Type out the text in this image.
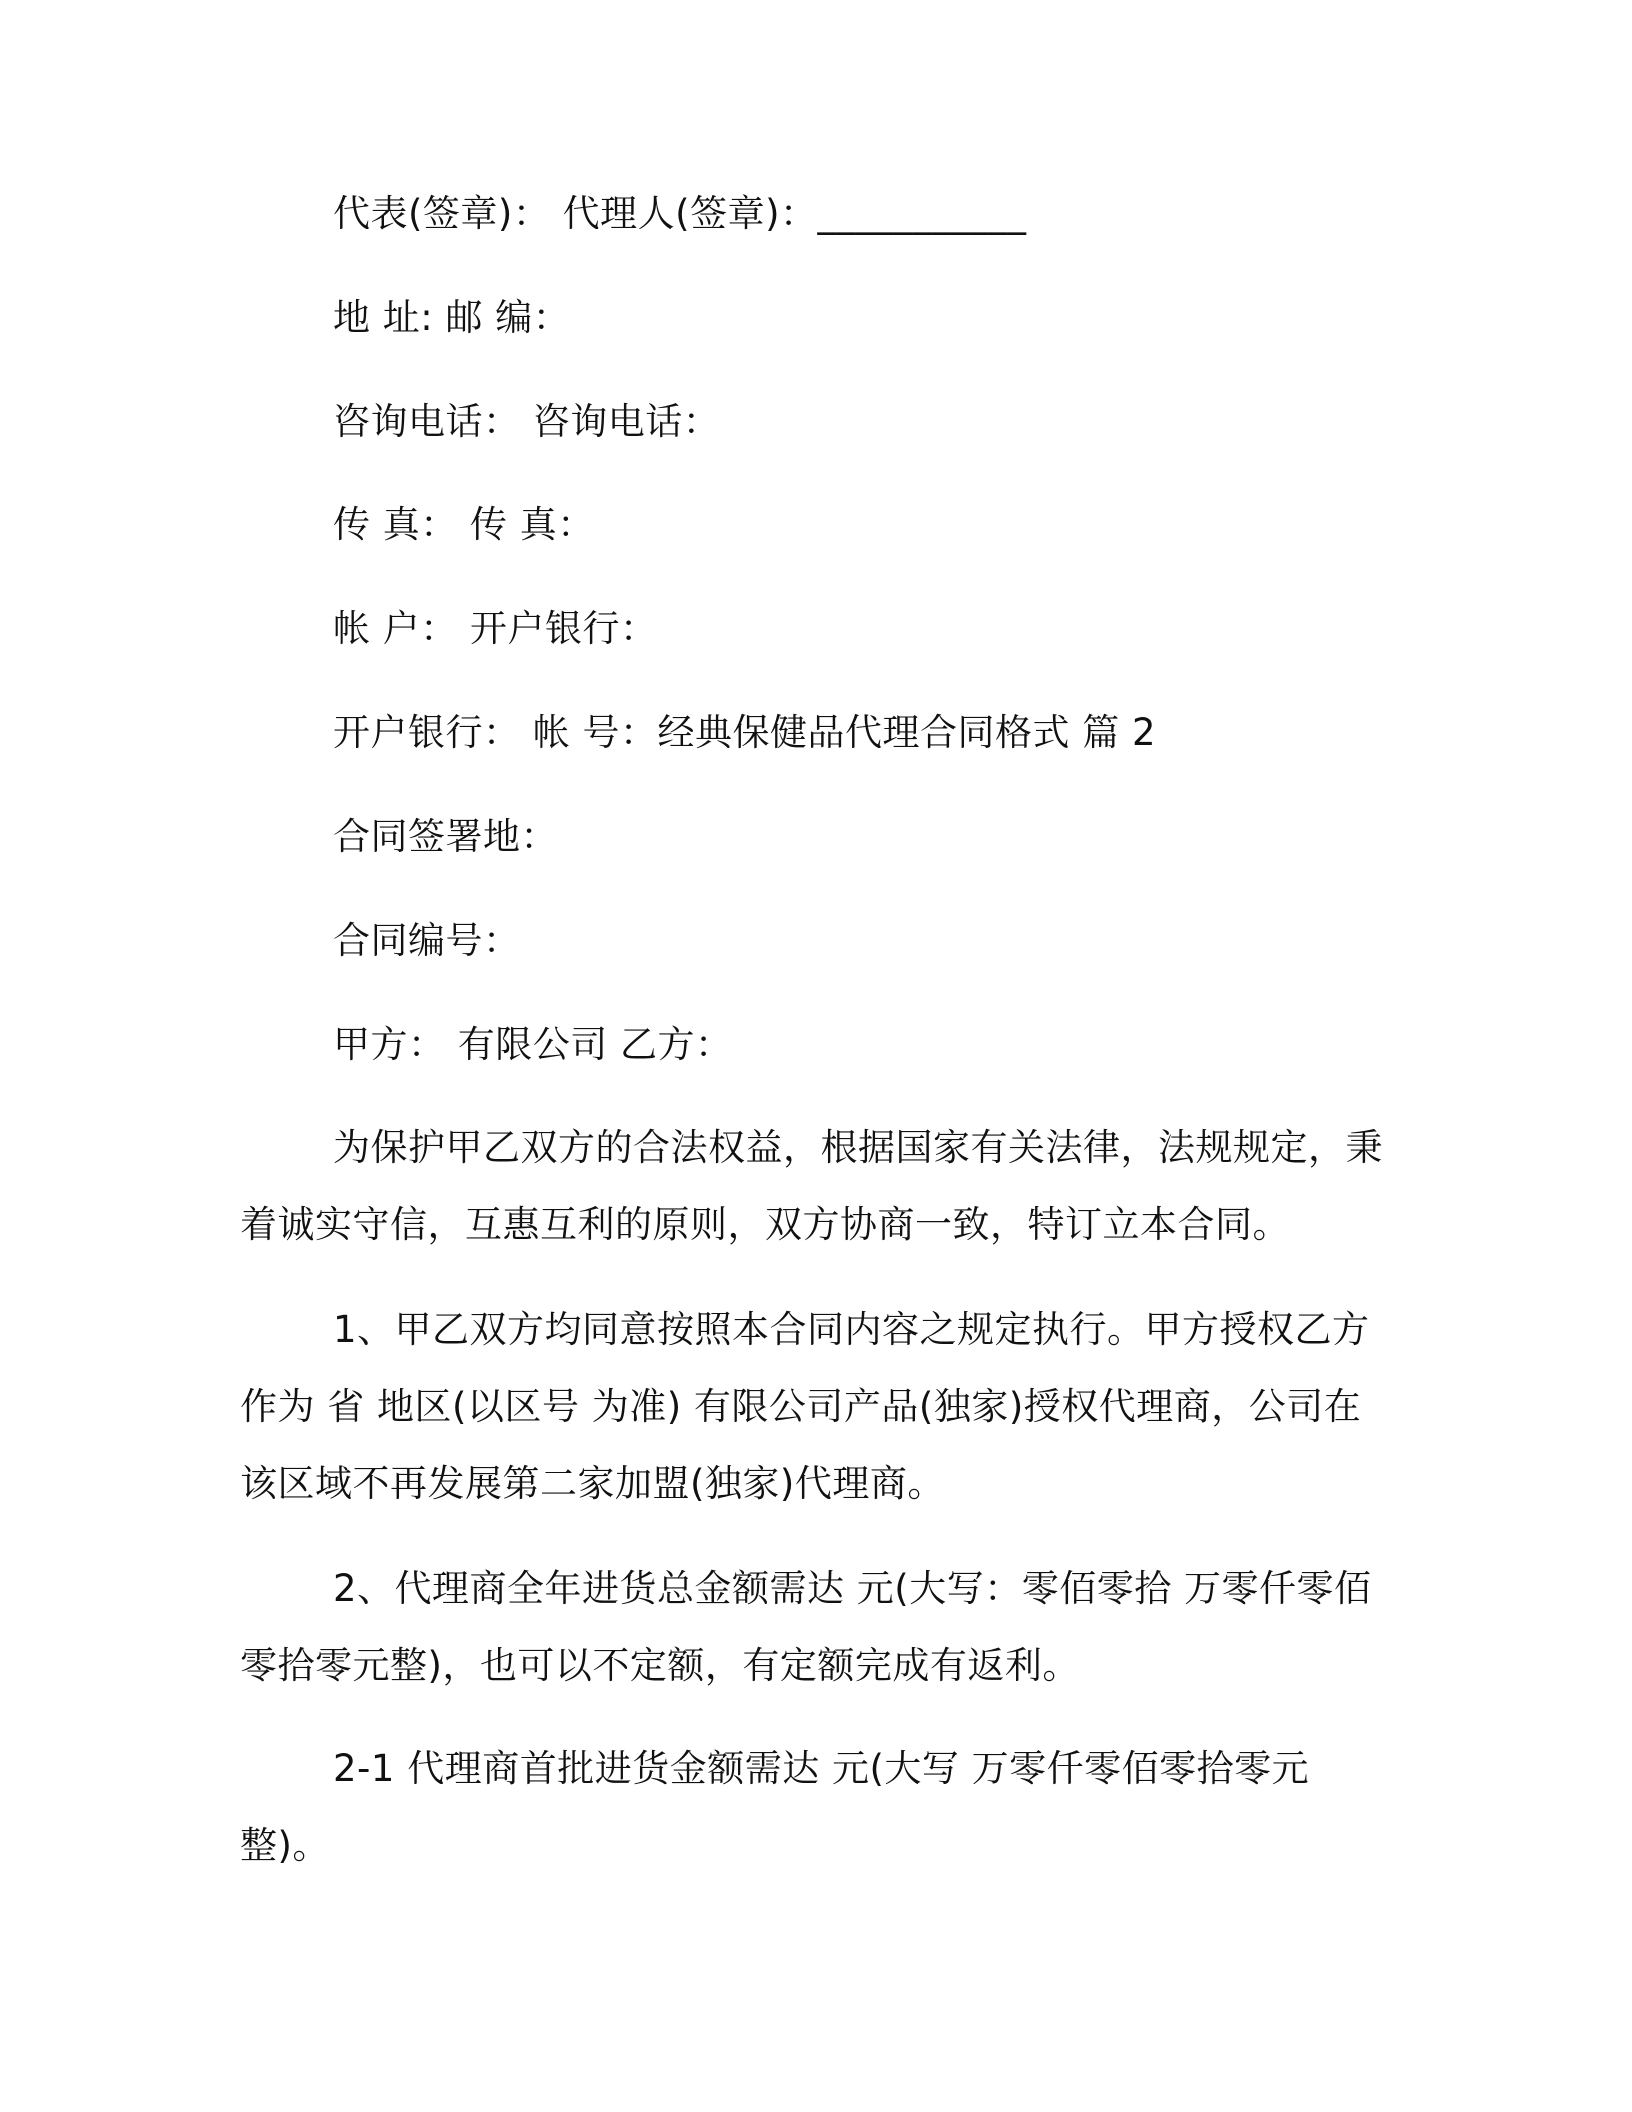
代表(签章)： 代理人(签章)：___________
地 址: 邮 编：
咨询电话： 咨询电话：
传 真： 传 真：
帐 户： 开户银行：
开户银行： 帐 号：经典保健品代理合同格式 篇 2
合同签署地：
合同编号：
甲方： 有限公司 乙方：
为保护甲乙双方的合法权益，根据国家有关法律，法规规定，秉着诚实守信，互惠互利的原则，双方协商一致，特订立本合同。
1、甲乙双方均同意按照本合同内容之规定执行。甲方授权乙方作为 省 地区(以区号 为准) 有限公司产品(独家)授权代理商，公司在该区域不再发展第二家加盟(独家)代理商。
2、代理商全年进货总金额需达 元(大写：零佰零拾 万零仟零佰零拾零元整)，也可以不定额，有定额完成有返利。
2-1 代理商首批进货金额需达 元(大写 万零仟零佰零拾零元整)。
